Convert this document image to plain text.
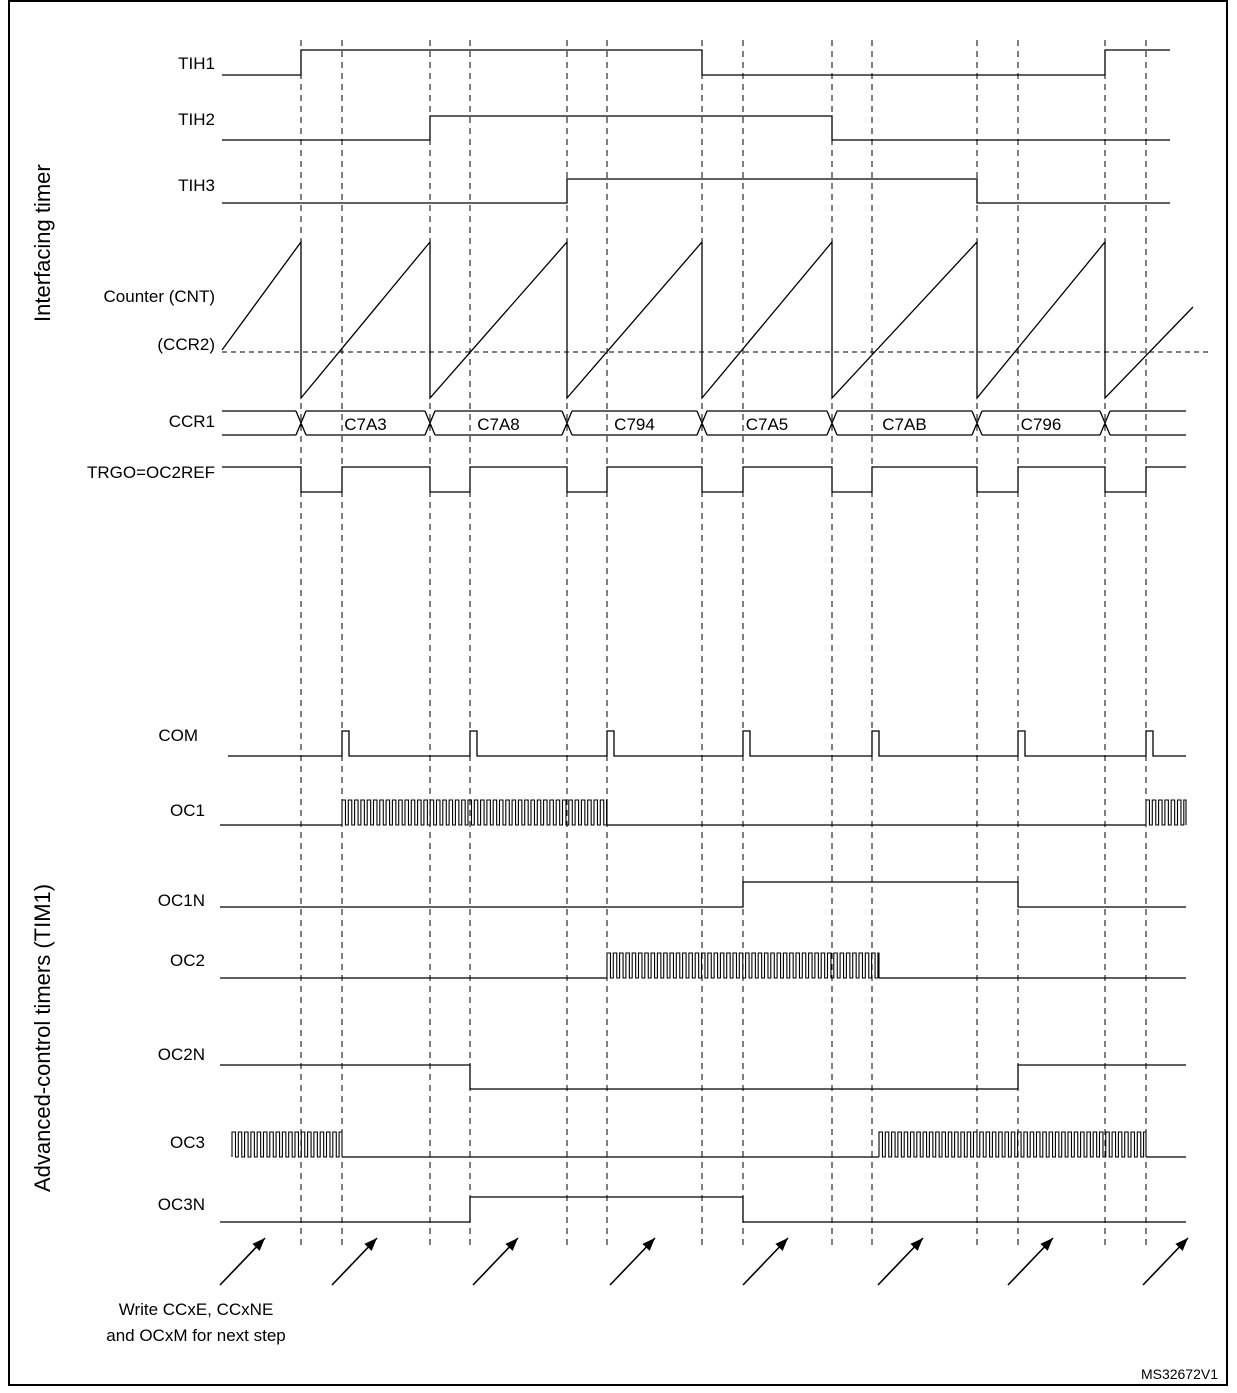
Interfacing timer
Advanced-control timers (TIM1)
TIH1
TIH2
TIH3
Counter (CNT)
(CCR2)
CCR1
TRGO=OC2REF
COM
OC1
OC1N
OC2
OC2N
OC3
OC3N
C7A3	C7A8	C794	C7A5	C7AB	C796
Write CCxE, CCxNE
and OCxM for next step
MS32672V1
